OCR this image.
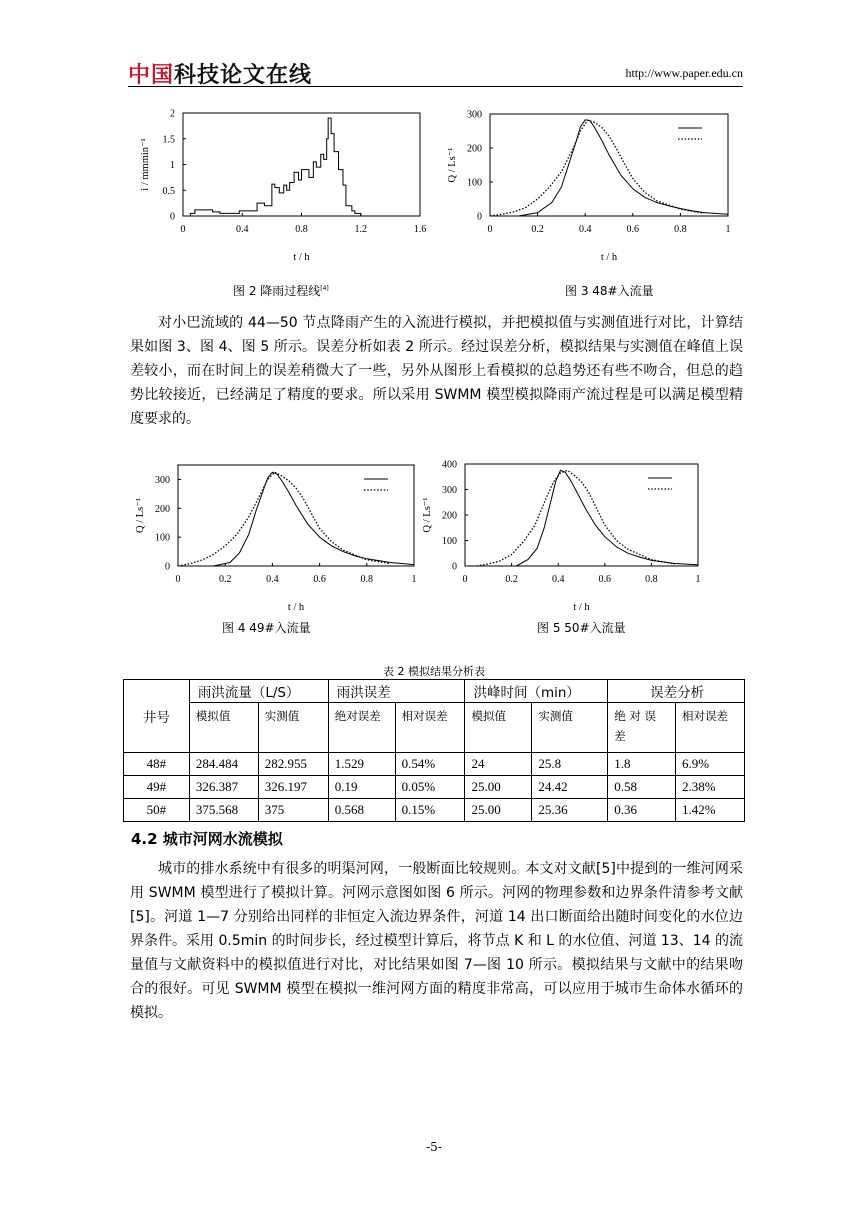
中国科技论文在线	http://www.paper.edu.cn
0	0.4	0.8	1.2	1.6
0
0.5
1
1.5
2
t / h
i / mmmin⁻¹
0	0.2	0.4	0.6	0.8	1
0
100
200
300
t / h
Q / Ls⁻¹
0	0.2	0.4	0.6	0.8	1
0
100
200
300
t / h
Q / Ls⁻¹
0	0.2	0.4	0.6	0.8	1
0
100
200
300
400
t / h
Q / Ls⁻¹
图 2 降雨过程线[4]	图 3 48#入流量
对小巴流域的 44—50 节点降雨产生的入流进行模拟，并把模拟值与实测值进行对比，计算结果如图 3、图 4、图 5 所示。误差分析如表 2 所示。经过误差分析，模拟结果与实测值在峰值上误差较小，而在时间上的误差稍微大了一些，另外从图形上看模拟的总趋势还有些不吻合，但总的趋势比较接近，已经满足了精度的要求。所以采用 SWMM 模型模拟降雨产流过程是可以满足模型精度要求的。
图 4 49#入流量	图 5 50#入流量
表 2 模拟结果分析表
井号	雨洪流量（L/S）		雨洪误差		洪峰时间（min）		误差分析	
	模拟值	实测值	绝对误差	相对误差	模拟值	实测值	绝 对 误 差	相对误差
48#	284.484	282.955	1.529	0.54%	24	25.8	1.8	6.9%
49#	326.387	326.197	0.19	0.05%	25.00	24.42	0.58	2.38%
50#	375.568	375	0.568	0.15%	25.00	25.36	0.36	1.42%
4.2 城市河网水流模拟
城市的排水系统中有很多的明渠河网，一般断面比较规则。本文对文献[5]中提到的一维河网采用 SWMM 模型进行了模拟计算。河网示意图如图 6 所示。河网的物理参数和边界条件清参考文献[5]。河道 1—7 分别给出同样的非恒定入流边界条件，河道 14 出口断面给出随时间变化的水位边界条件。采用 0.5min 的时间步长，经过模型计算后，将节点 K 和 L 的水位值、河道 13、14 的流量值与文献资料中的模拟值进行对比，对比结果如图 7—图 10 所示。模拟结果与文献中的结果吻合的很好。可见 SWMM 模型在模拟一维河网方面的精度非常高，可以应用于城市生命体水循环的模拟。
-5-
